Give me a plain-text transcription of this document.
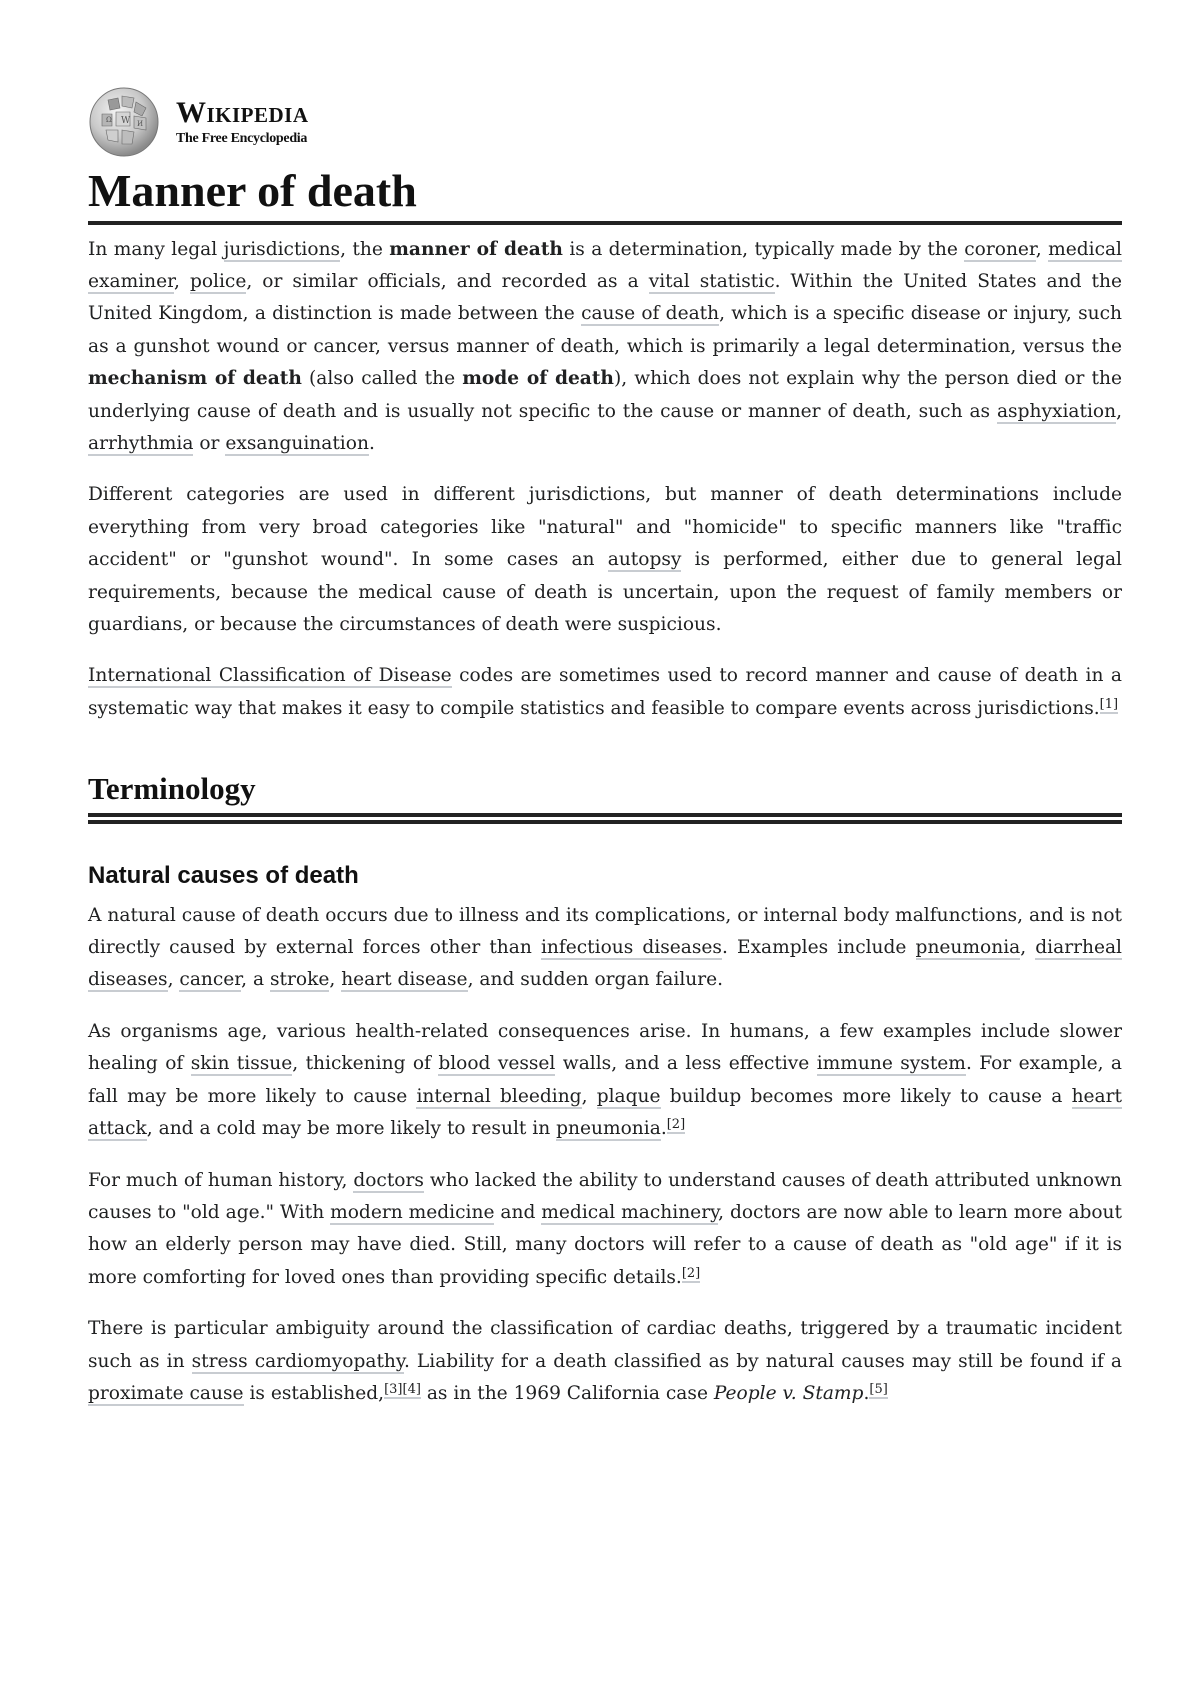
W
Ω	И Wikipedia
The Free Encyclopedia
Manner of death

In many legal jurisdictions, the manner of death is a determination, typically made by the coroner, medical examiner, police, or similar officials, and recorded as a vital statistic. Within the United States and the United Kingdom, a distinction is made between the cause of death, which is a specific disease or injury, such as a gunshot wound or cancer, versus manner of death, which is primarily a legal determination, versus the mechanism of death (also called the mode of death), which does not explain why the person died or the underlying cause of death and is usually not specific to the cause or manner of death, such as asphyxiation, arrhythmia or exsanguination.

Different categories are used in different jurisdictions, but manner of death determinations include everything from very broad categories like "natural" and "homicide" to specific manners like "traffic accident" or "gunshot wound". In some cases an autopsy is performed, either due to general legal requirements, because the medical cause of death is uncertain, upon the request of family members or guardians, or because the circumstances of death were suspicious.

International Classification of Disease codes are sometimes used to record manner and cause of death in a systematic way that makes it easy to compile statistics and feasible to compare events across jurisdictions.[1]

Terminology
Natural causes of death

A natural cause of death occurs due to illness and its complications, or internal body malfunctions, and is not directly caused by external forces other than infectious diseases. Examples include pneumonia, diarrheal diseases, cancer, a stroke, heart disease, and sudden organ failure.

As organisms age, various health-related consequences arise. In humans, a few examples include slower healing of skin tissue, thickening of blood vessel walls, and a less effective immune system. For example, a fall may be more likely to cause internal bleeding, plaque buildup becomes more likely to cause a heart attack, and a cold may be more likely to result in pneumonia.[2]

For much of human history, doctors who lacked the ability to understand causes of death attributed unknown causes to "old age." With modern medicine and medical machinery, doctors are now able to learn more about how an elderly person may have died. Still, many doctors will refer to a cause of death as "old age" if it is more comforting for loved ones than providing specific details.[2]

There is particular ambiguity around the classification of cardiac deaths, triggered by a traumatic incident such as in stress cardiomyopathy. Liability for a death classified as by natural causes may still be found if a proximate cause is established,[3][4] as in the 1969 California case People v. Stamp.[5]
